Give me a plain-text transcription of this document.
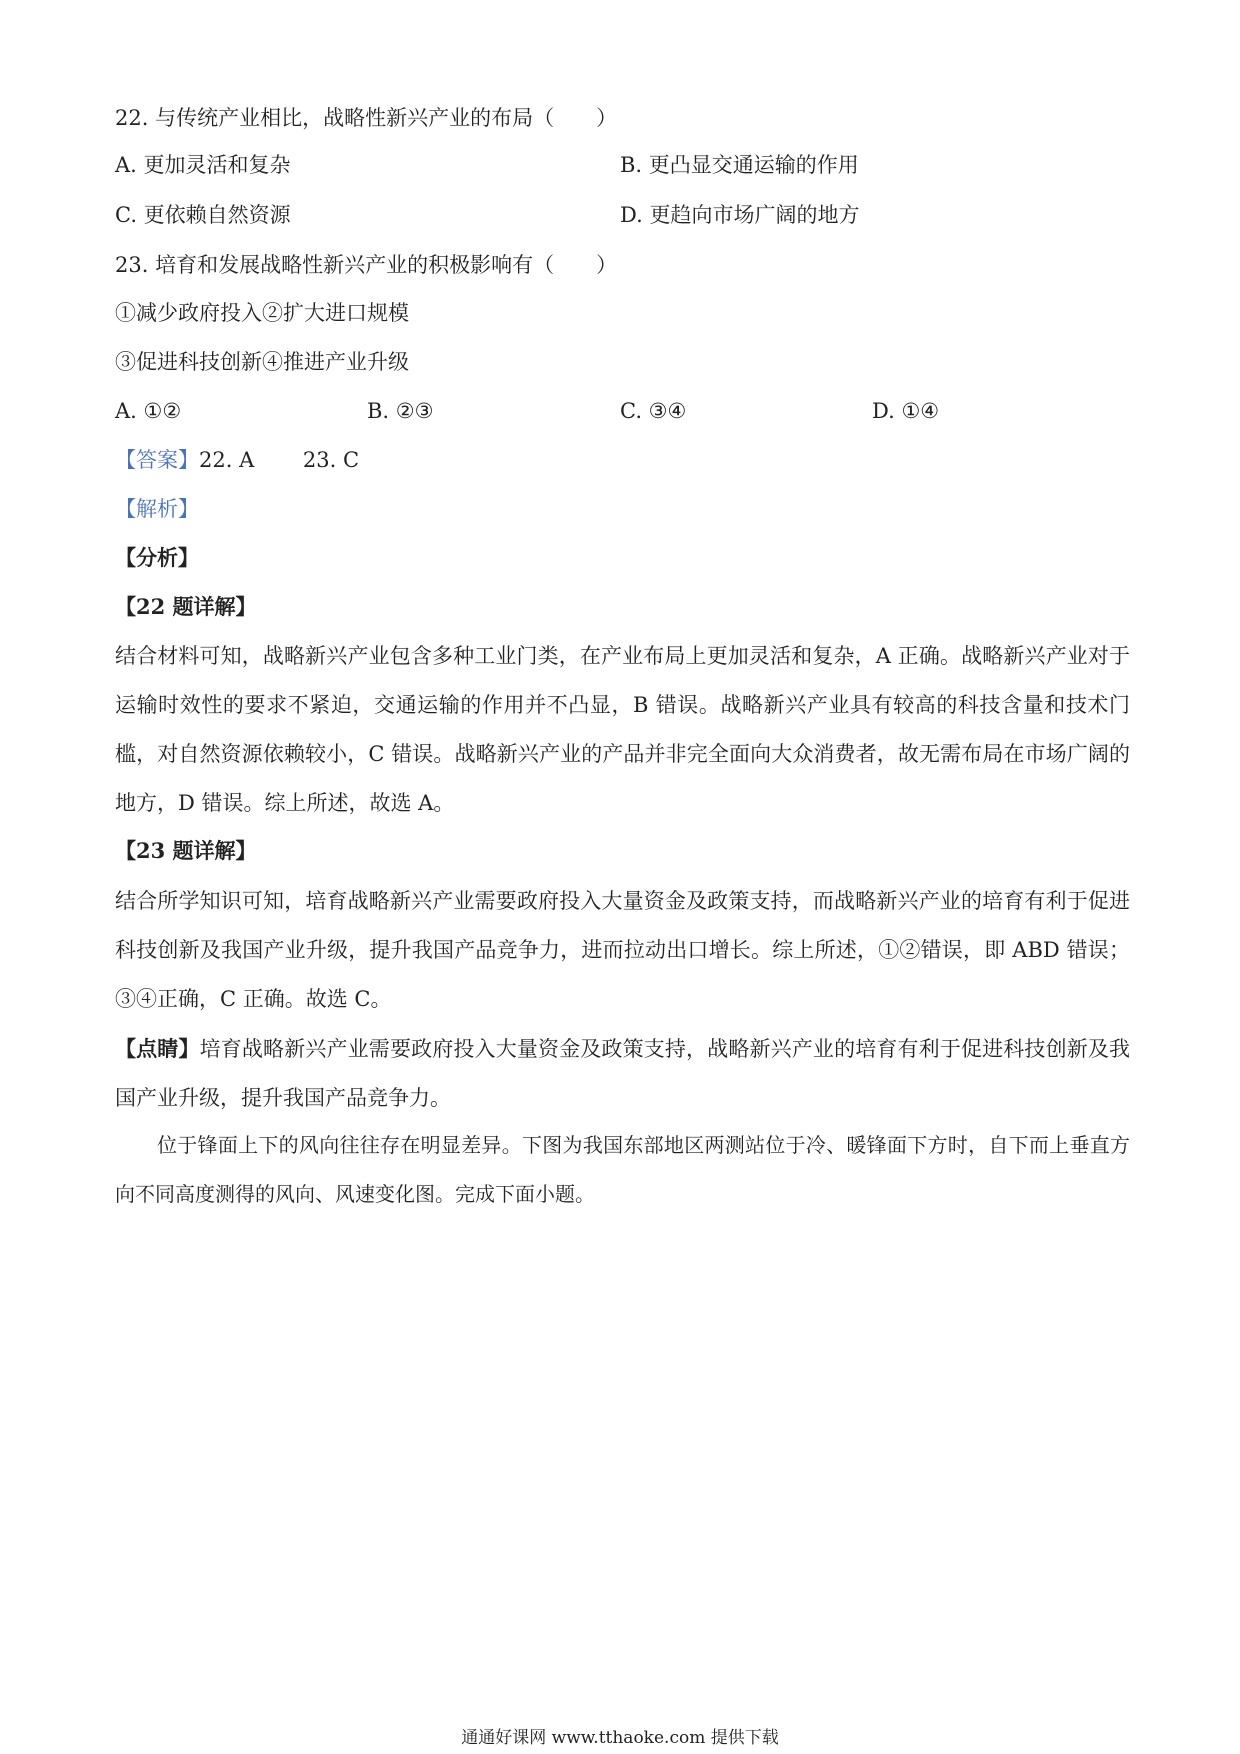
22. 与传统产业相比，战略性新兴产业的布局（　　）
A. 更加灵活和复杂	B. 更凸显交通运输的作用
C. 更依赖自然资源	D. 更趋向市场广阔的地方
23. 培育和发展战略性新兴产业的积极影响有（　　）
①减少政府投入②扩大进口规模
③促进科技创新④推进产业升级
A. ①②	B. ②③	C. ③④	D. ①④
【答案】22. A　　 23. C
【解析】
【分析】
【22 题详解】
结合材料可知，战略新兴产业包含多种工业门类，在产业布局上更加灵活和复杂，A 正确。战略新兴产业对于运输时效性的要求不紧迫，交通运输的作用并不凸显，B 错误。战略新兴产业具有较高的科技含量和技术门槛，对自然资源依赖较小，C 错误。战略新兴产业的产品并非完全面向大众消费者，故无需布局在市场广阔的地方，D 错误。综上所述，故选 A。
【23 题详解】
结合所学知识可知，培育战略新兴产业需要政府投入大量资金及政策支持，而战略新兴产业的培育有利于促进科技创新及我国产业升级，提升我国产品竞争力，进而拉动出口增长。综上所述，①②错误，即 ABD 错误；③④正确，C 正确。故选 C。
【点睛】培育战略新兴产业需要政府投入大量资金及政策支持，战略新兴产业的培育有利于促进科技创新及我国产业升级，提升我国产品竞争力。
位于锋面上下的风向往往存在明显差异。下图为我国东部地区两测站位于冷、暖锋面下方时，自下而上垂直方向不同高度测得的风向、风速变化图。完成下面小题。
通通好课网 www.tthaoke.com 提供下载
